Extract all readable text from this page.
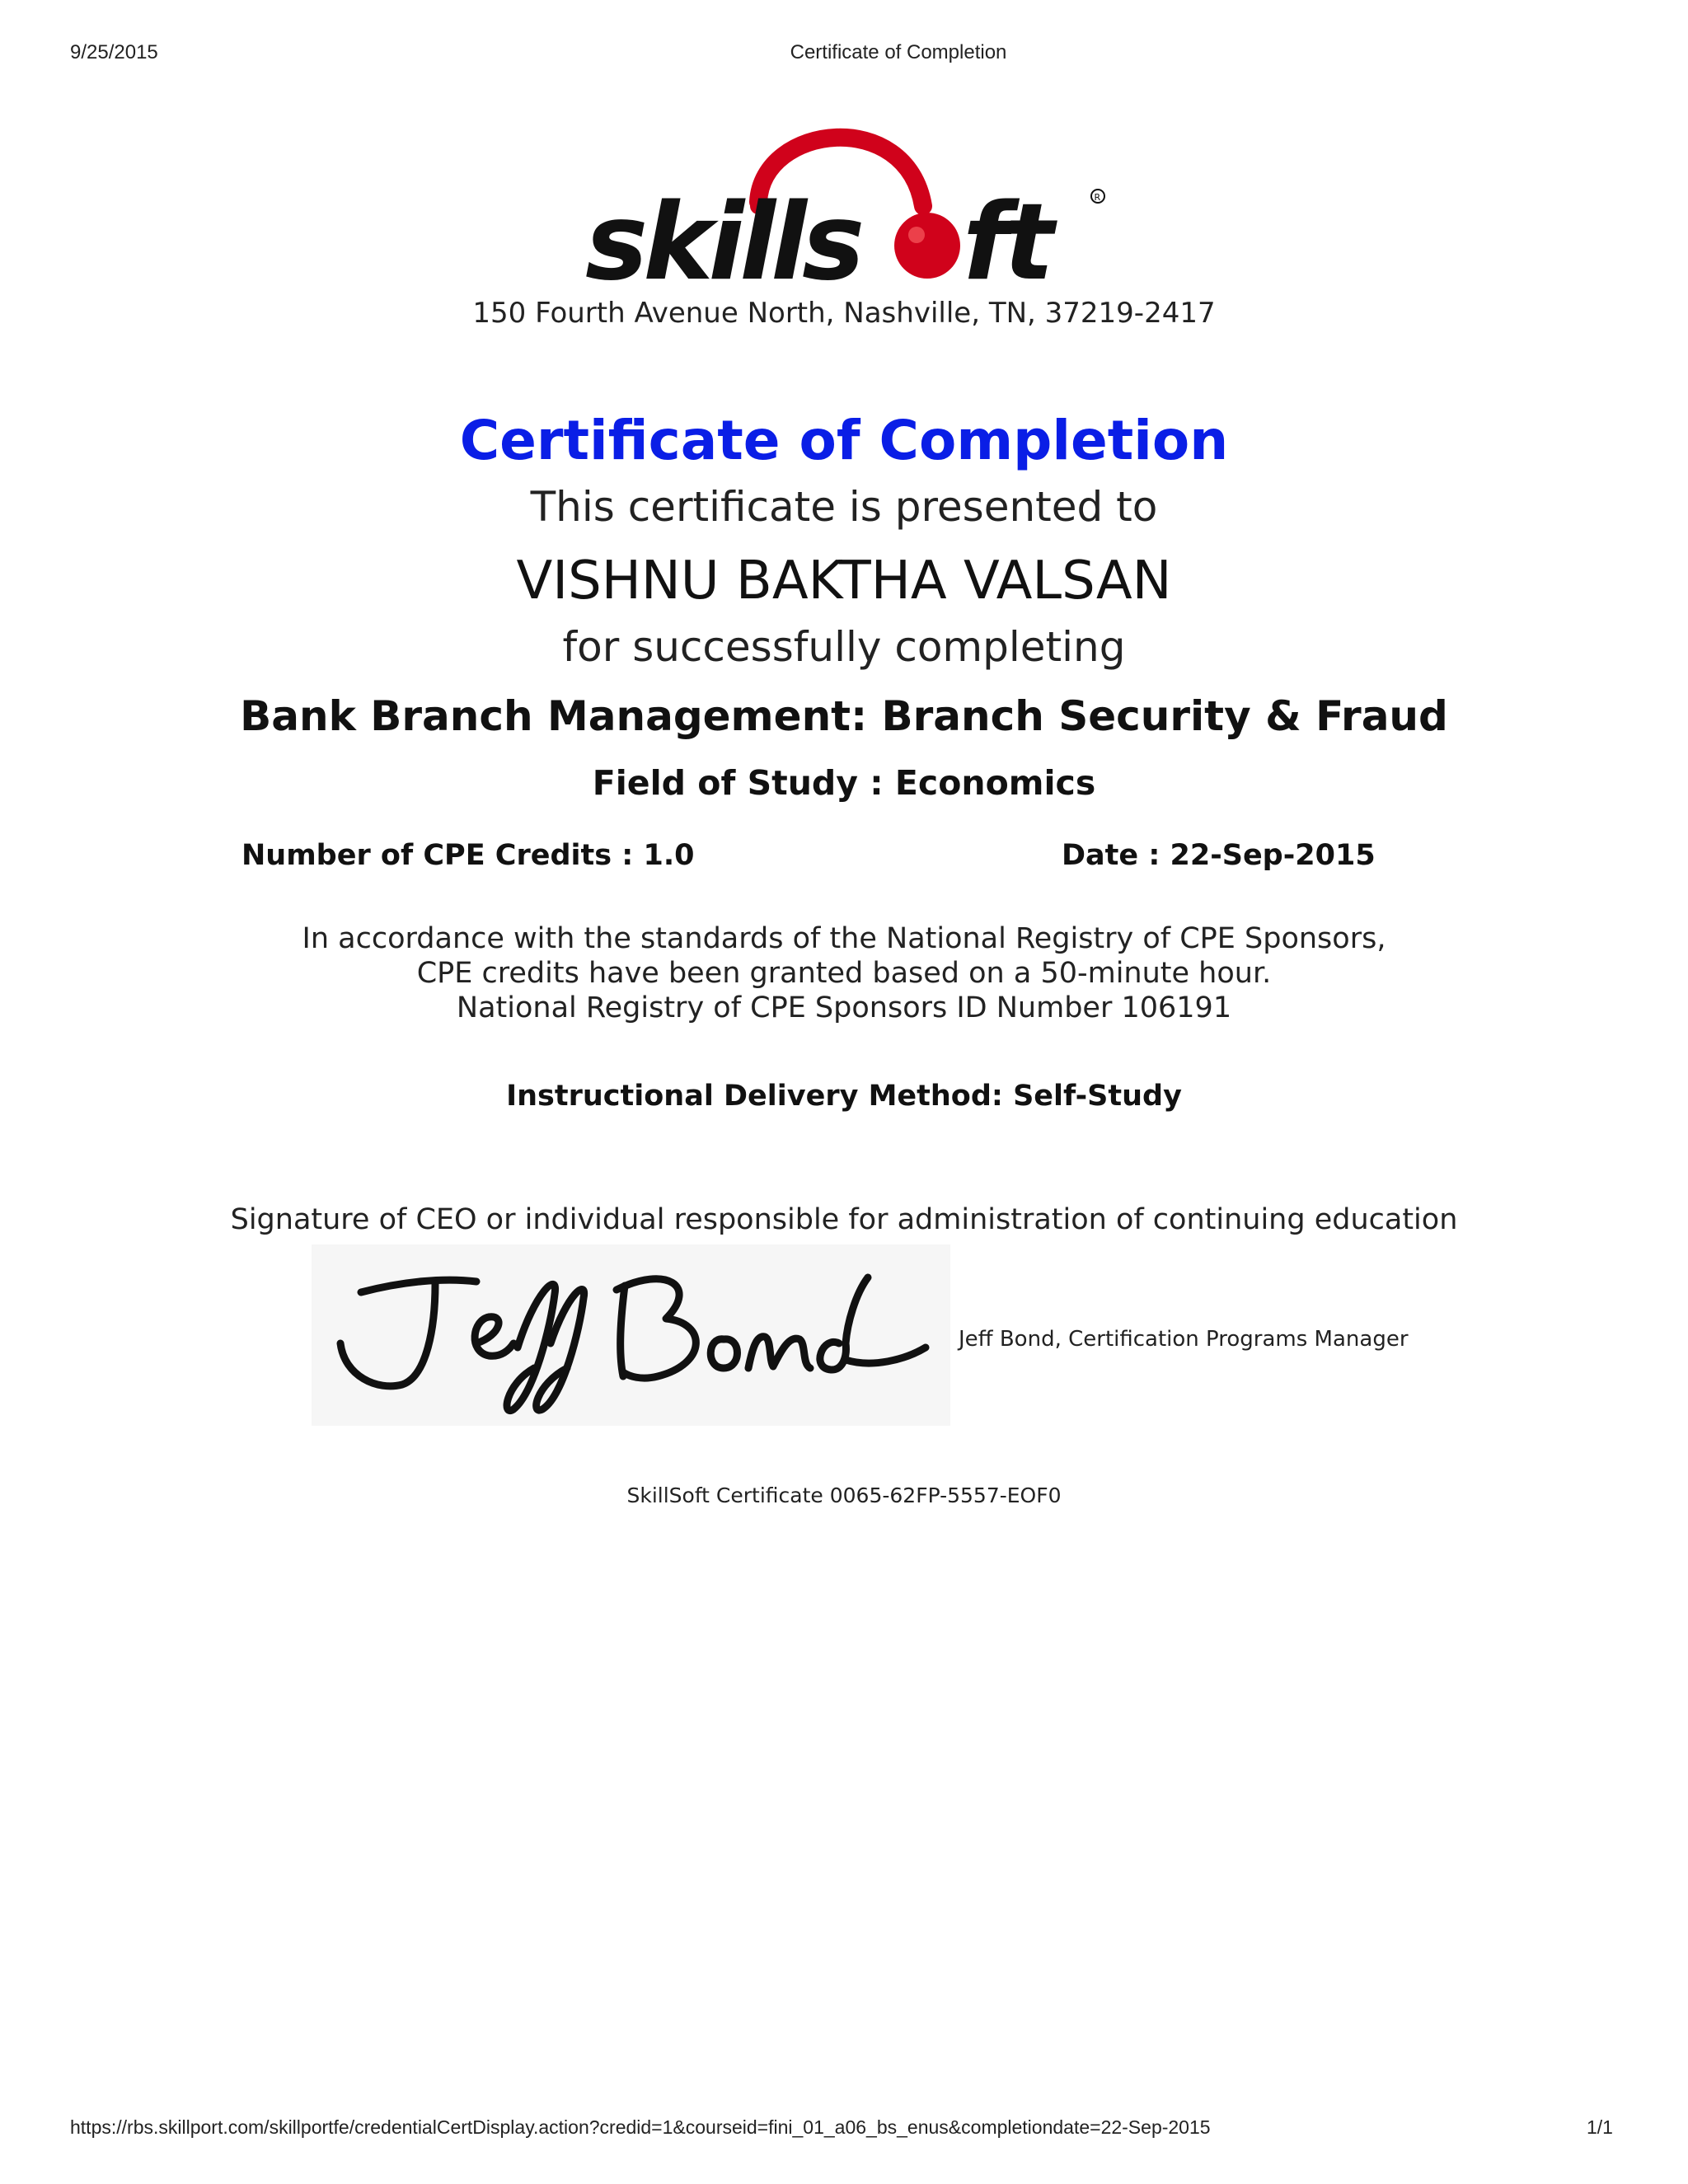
9/25/2015	Certificate of Completion
skills ft	R
150 Fourth Avenue North, Nashville, TN, 37219-2417
Certificate of Completion
This certificate is presented to
VISHNU BAKTHA VALSAN
for successfully completing
Bank Branch Management: Branch Security & Fraud
Field of Study : Economics
Number of CPE Credits : 1.0	Date : 22-Sep-2015
In accordance with the standards of the National Registry of CPE Sponsors,
CPE credits have been granted based on a 50-minute hour.
National Registry of CPE Sponsors ID Number 106191
Instructional Delivery Method: Self-Study
Signature of CEO or individual responsible for administration of continuing education
Jeff Bond, Certification Programs Manager
SkillSoft Certificate 0065-62FP-5557-EOF0
https://rbs.skillport.com/skillportfe/credentialCertDisplay.action?credid=1&courseid=fini_01_a06_bs_enus&completiondate=22-Sep-2015	1/1
